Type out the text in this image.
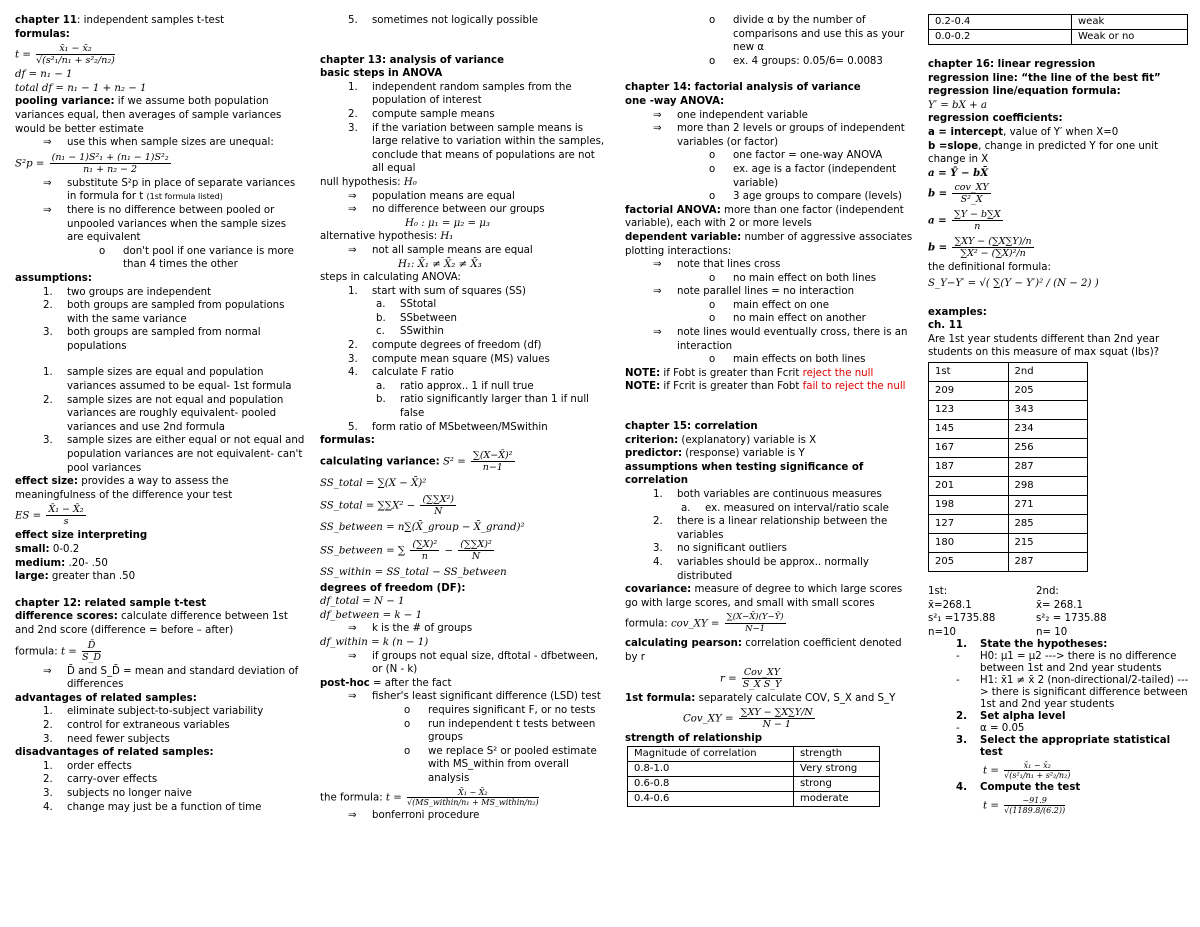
chapter 11: independent samples t-test
formulas:
$t = \frac{\text{x̄₁ − x̄₂}}{\text{√(s²₁/n₁ + s²₂/n₂)}}$
df = n₁ − 1
total df = n₁ − 1 + n₂ − 1
pooling variance: if we assume both population variances equal, then averages of sample variances would be better estimate
⇒	use this when sample sizes are unequal:
$S^2p = \frac{\text{(n₁ − 1)S²₁ + (n₁ − 1)S²₂}}{\text{n₁ + n₂ − 2}}$
⇒	substitute S²p in place of separate variances in formula for t (1st formula listed)
⇒	there is no difference between pooled or unpooled variances when the sample sizes are equivalent
o	don't pool if one variance is more than 4 times the other
assumptions:
1.	two groups are independent
2.	both groups are sampled from populations with the same variance
3.	both groups are sampled from normal populations
1.	sample sizes are equal and population variances assumed to be equal- 1st formula
2.	sample sizes are not equal and population variances are roughly equivalent- pooled variances and use 2nd formula
3.	sample sizes are either equal or not equal and population variances are not equivalent- can't pool variances
effect size: provides a way to assess the meaningfulness of the difference your test
ES = $\frac{\text{X̄₁ − X̄₂}}{s}$
effect size interpreting
small: 0-0.2
medium: .20- .50
large: greater than .50
chapter 12: related sample t-test
difference scores: calculate difference between 1st and 2nd score (difference = before – after)
formula: $t = \frac{D̄}{S\_D̄}$
⇒	D̄ and S_D̄ = mean and standard deviation of differences
advantages of related samples:
1.	eliminate subject-to-subject variability
2.	control for extraneous variables
3.	need fewer subjects
disadvantages of related samples:
1.	order effects
2.	carry-over effects
3.	subjects no longer naive
4.	change may just be a function of time
5.	sometimes not logically possible
chapter 13: analysis of variance
basic steps in ANOVA
1.	independent random samples from the population of interest
2.	compute sample means
3.	if the variation between sample means is large relative to variation within the samples, conclude that means of populations are not all equal
null hypothesis: H₀
⇒	population means are equal
⇒	no difference between our groups
H₀ : μ₁ = μ₂ = μ₃
alternative hypothesis: H₁
⇒	not all sample means are equal
H₁: X̄₁ ≠ X̄₂ ≠ X̄₃
steps in calculating ANOVA:
1.	start with sum of squares (SS)
a.	SStotal
b.	SSbetween
c.	SSwithin
2.	compute degrees of freedom (df)
3.	compute mean square (MS) values
4.	calculate F ratio
a.	ratio approx.. 1 if null true
b.	ratio significantly larger than 1 if null false
5.	form ratio of MSbetween/MSwithin
formulas:
calculating variance: $S^2 = \frac{\text{∑(X−X̄)²}}{n-1}$
SS_total = ∑(X − X̄)²
SS_total = $\sum\sum X^2 - \frac{\text{(∑∑X²)}}{N}$
SS_between = n∑(X̄_group − X̄_grand)²
SS_between = ∑ $\frac{\text{(∑X)²}}{n} - \frac{\text{(∑∑X)²}}{N}$
SS_within = SS_total − SS_between
degrees of freedom (DF):
df_total = N − 1
df_between = k − 1
⇒	k is the # of groups
df_within = k (n − 1)
⇒	if groups not equal size, dftotal - dfbetween, or (N - k)
post-hoc = after the fact
⇒	fisher's least significant difference (LSD) test
o	requires significant F, or no tests
o	run independent t tests between groups
o	we replace S² or pooled estimate with MS_within from overall analysis
the formula: $t = \frac{\text{X̄₁ − X̄₂}}{\text{√(MS\_within/n₁ + MS\_within/n₂)}}$
⇒	bonferroni procedure
o	divide α by the number of comparisons and use this as your new α
o	ex. 4 groups: 0.05/6= 0.0083
chapter 14: factorial analysis of variance
one -way ANOVA:
⇒	one independent variable
⇒	more than 2 levels or groups of independent variables (or factor)
o	one factor = one-way ANOVA
o	ex. age is a factor (independent variable)
o	3 age groups to compare (levels)
factorial ANOVA: more than one factor (independent variable), each with 2 or more levels
dependent variable: number of aggressive associates
plotting interactions:
⇒	note that lines cross
o	no main effect on both lines
⇒	note parallel lines = no interaction
o	main effect on one
o	no main effect on another
⇒	note lines would eventually cross, there is an interaction
o	main effects on both lines
NOTE: if Fobt is greater than Fcrit reject the null
NOTE: if Fcrit is greater than Fobt fail to reject the null
chapter 15: correlation
criterion: (explanatory) variable is X
predictor: (response) variable is Y
assumptions when testing significance of correlation
1.	both variables are continuous measures
a.	ex. measured on interval/ratio scale
2.	there is a linear relationship between the variables
3.	no significant outliers
4.	variables should be approx.. normally distributed
covariance: measure of degree to which large scores go with large scores, and small with small scores
formula: cov_XY = $\frac{\sum(X-X̄)(Y-Ȳ)}{N-1}$
calculating pearson: correlation coefficient denoted by r
$r = \frac{\text{Cov\_XY}}{\text{S\_X S\_Y}}$
1st formula: separately calculate COV, S_X and S_Y
Cov_XY = $\frac{\sum XY - \sum X\sum Y/N}{N - 1}$
strength of relationship
Magnitude of correlation	strength
0.8-1.0	Very strong
0.6-0.8	strong
0.4-0.6	moderate
0.2-0.4	weak
0.0-0.2	Weak or no
chapter 16: linear regression
regression line: “the line of the best fit”
regression line/equation formula:
Y′ = bX + a
regression coefficients:
a = intercept, value of Y′ when X=0
b =slope, change in predicted Y for one unit change in X
a = Ȳ − bX̄
$b = \frac{\text{cov\_XY}}{\text{S²\_X}}$
$a = \frac{\sum Y - b\sum X}{n}$
$b = \frac{\sum XY - (\sum X\sum Y)/n}{\text{∑X² − (∑X)²/n}}$
the definitional formula:
S_Y−Y′ = √( ∑(Y − Y′)² / (N − 2) )
examples:
ch. 11
Are 1st year students different than 2nd year students on this measure of max squat (lbs)?
1st	2nd
209	205
123	343
145	234
167	256
187	287
201	298
198	271
127	285
180	215
205	287
1st:
x̄=268.1
s²₁ =1735.88
n=10
2nd:
x̄= 268.1
s²₂ = 1735.88
n= 10
1.	State the hypotheses:
-	H0: µ1 = µ2 ---> there is no difference between 1st and 2nd year students
-	H1: x̄1 ≠ x̄ 2 (non-directional/2-tailed) --- > there is significant difference between 1st and 2nd year students
2.	Set alpha level
-	α = 0.05
3.	Select the appropriate statistical test
$t = \frac{\text{x̄₁ − x̄₂}}{\text{√(s²₁/n₁ + s²₂/n₂)}}$
4.	Compute the test
$t = \frac{-91.9}{√(1189.8/(6.2))}$
